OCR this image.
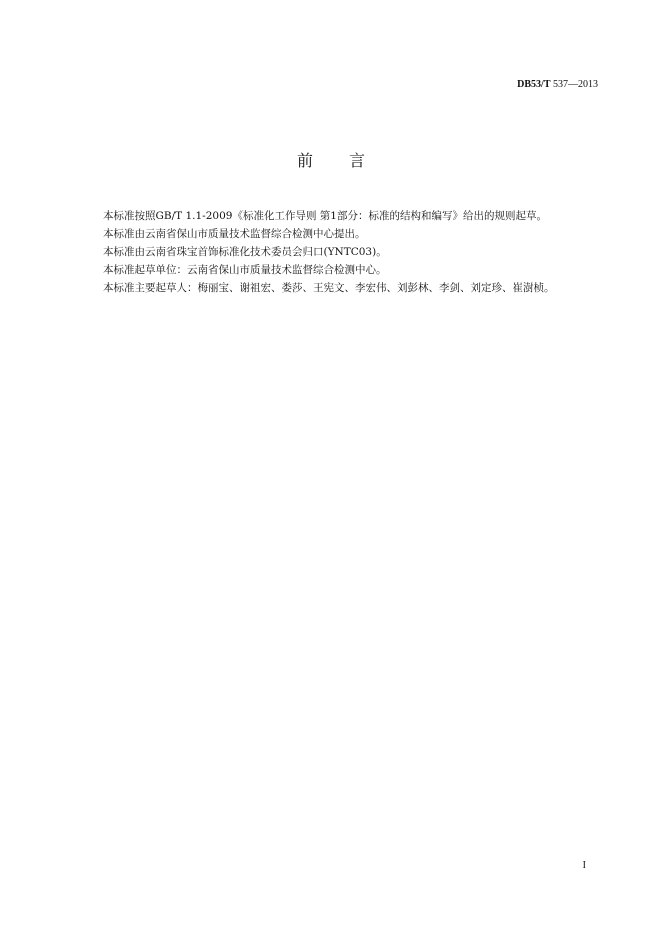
DB53/T 537—2013
前 言

本标准按照GB/T 1.1-2009《标准化工作导则 第1部分：标准的结构和编写》给出的规则起草。

本标准由云南省保山市质量技术监督综合检测中心提出。

本标准由云南省珠宝首饰标准化技术委员会归口(YNTC03)。

本标准起草单位：云南省保山市质量技术监督综合检测中心。

本标准主要起草人：梅丽宝、谢祖宏、娄莎、王宪文、李宏伟、刘彭林、李剑、刘定珍、崔澍桢。

I
